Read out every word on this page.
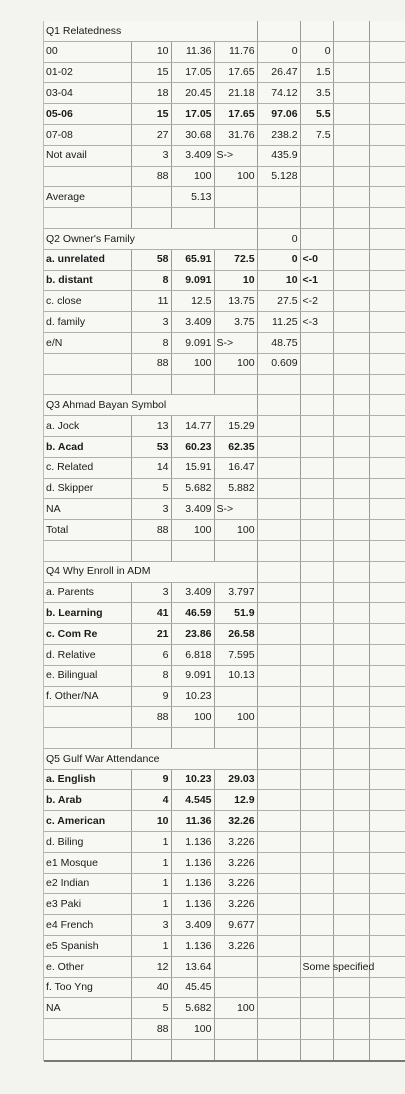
Q1 Relatedness							
00	10	11.36	11.76	0	0		
01-02	15	17.05	17.65	26.47	1.5		
03-04	18	20.45	21.18	74.12	3.5		
05-06	15	17.05	17.65	97.06	5.5		
07-08	27	30.68	31.76	238.2	7.5		
Not avail	3	3.409	S->	435.9			
	88	100	100	5.128			
Average		5.13					

Q2 Owner's Family				0			
a. unrelated	58	65.91	72.5	0	<-0		
b. distant	8	9.091	10	10	<-1		
c. close	11	12.5	13.75	27.5	<-2		
d. family	3	3.409	3.75	11.25	<-3		
e/N	8	9.091	S->	48.75			
	88	100	100	0.609			

Q3 Ahmad Bayan Symbol							
a. Jock	13	14.77	15.29				
b. Acad	53	60.23	62.35				
c. Related	14	15.91	16.47				
d. Skipper	5	5.682	5.882				
NA	3	3.409	S->				
Total	88	100	100				

Q4 Why Enroll in ADM							
a. Parents	3	3.409	3.797				
b. Learning	41	46.59	51.9				
c. Com Re	21	23.86	26.58				
d. Relative	6	6.818	7.595				
e. Bilingual	8	9.091	10.13				
f. Other/NA	9	10.23					
	88	100	100				

Q5 Gulf War Attendance							
a. English	9	10.23	29.03				
b. Arab	4	4.545	12.9				
c. American	10	11.36	32.26				
d. Biling	1	1.136	3.226				
e1 Mosque	1	1.136	3.226				
e2 Indian	1	1.136	3.226				
e3 Paki	1	1.136	3.226				
e4 French	3	3.409	9.677				
e5 Spanish	1	1.136	3.226				
e. Other	12	13.64			Some specified		
f. Too Yng	40	45.45					
NA	5	5.682	100				
	88	100					
